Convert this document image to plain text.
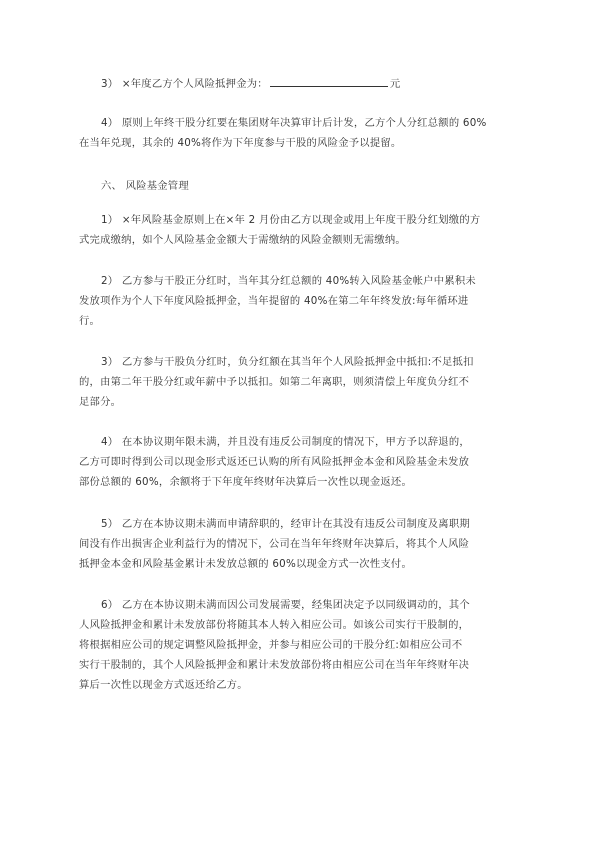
3） ×年度乙方个人风险抵押金为：	元
4） 原则上年终干股分红要在集团财年决算审计后计发，乙方个人分红总额的 60%
在当年兑现，其余的 40%将作为下年度参与干股的风险金予以提留。
六、 风险基金管理
1） ×年风险基金原则上在×年 2 月份由乙方以现金或用上年度干股分红划缴的方
式完成缴纳，如个人风险基金金额大于需缴纳的风险金额则无需缴纳。
2） 乙方参与干股正分红时，当年其分红总额的 40%转入风险基金帐户中累积未
发放项作为个人下年度风险抵押金，当年提留的 40%在第二年年终发放:每年循环进
行。
3） 乙方参与干股负分红时，负分红额在其当年个人风险抵押金中抵扣:不足抵扣
的，由第二年干股分红或年薪中予以抵扣。如第二年离职，则须清偿上年度负分红不
足部分。
4） 在本协议期年限未满，并且没有违反公司制度的情况下，甲方予以辞退的，
乙方可即时得到公司以现金形式返还已认购的所有风险抵押金本金和风险基金未发放
部份总额的 60%，余额将于下年度年终财年决算后一次性以现金返还。
5） 乙方在本协议期未满而申请辞职的，经审计在其没有违反公司制度及离职期
间没有作出损害企业利益行为的情况下，公司在当年年终财年决算后，将其个人风险
抵押金本金和风险基金累计未发放总额的 60%以现金方式一次性支付。
6） 乙方在本协议期未满而因公司发展需要，经集团决定予以同级调动的，其个
人风险抵押金和累计未发放部份将随其本人转入相应公司。如该公司实行干股制的，
将根据相应公司的规定调整风险抵押金，并参与相应公司的干股分红:如相应公司不
实行干股制的，其个人风险抵押金和累计未发放部份将由相应公司在当年年终财年决
算后一次性以现金方式返还给乙方。
